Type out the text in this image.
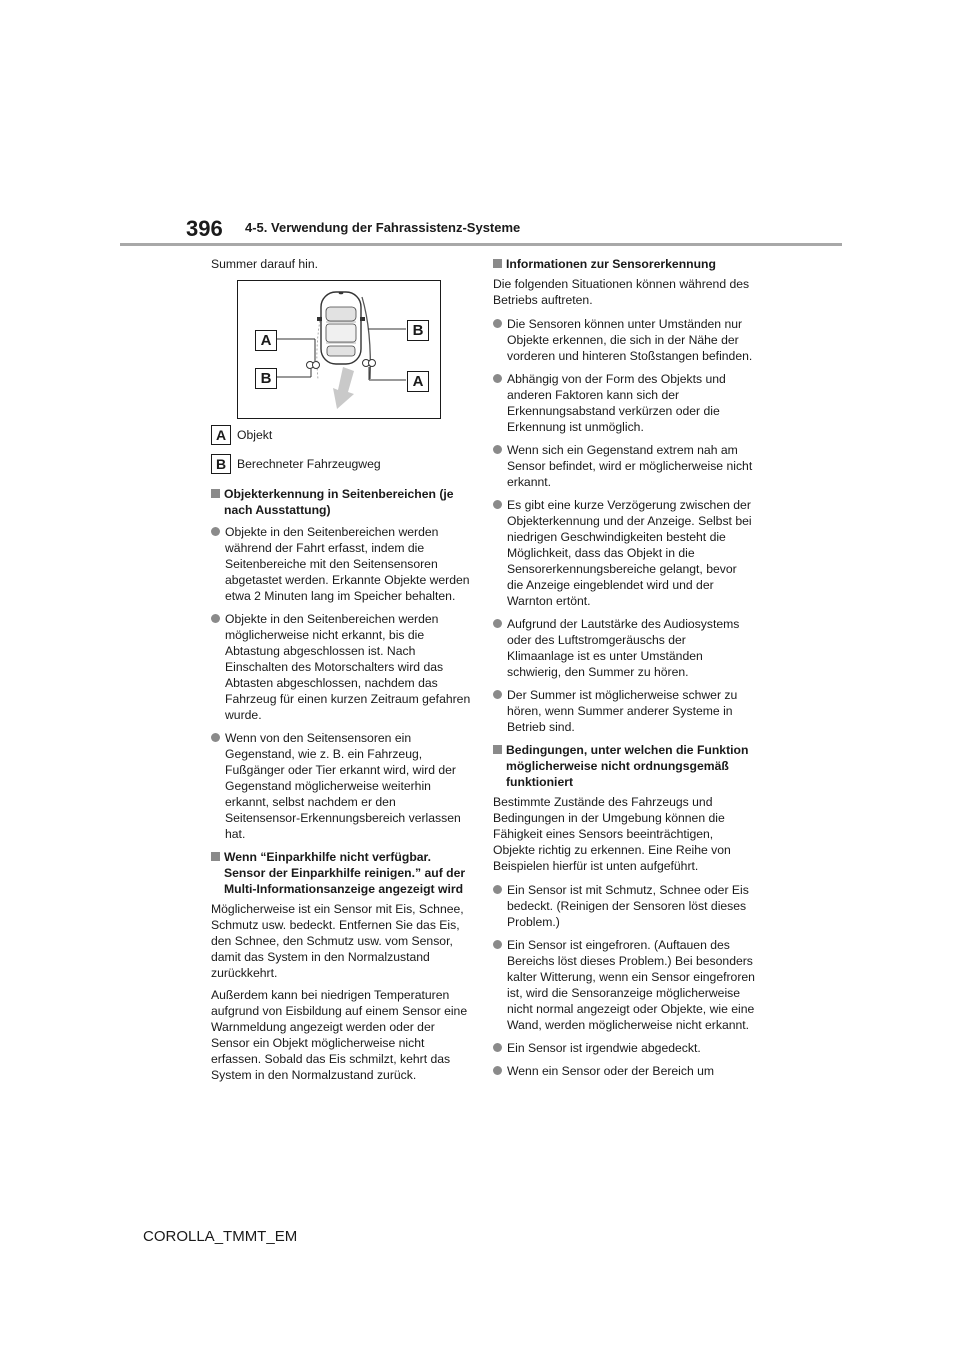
396 4-5. Verwendung der Fahrassistenz-Systeme

Summer darauf hin.

A
B
B	A
A Objekt
B Berechneter Fahrzeugweg
Objekterkennung in Seitenbereichen (je nach Ausstattung)
Objekte in den Seitenbereichen werden während der Fahrt erfasst, indem die Seitenbereiche mit den Seitensensoren abgetastet werden. Erkannte Objekte werden etwa 2 Minuten lang im Speicher behalten.
Objekte in den Seitenbereichen werden möglicherweise nicht erkannt, bis die Abtastung abgeschlossen ist. Nach Einschalten des Motorschalters wird das Abtasten abgeschlossen, nachdem das Fahrzeug für einen kurzen Zeitraum gefahren wurde.
Wenn von den Seitensensoren ein Gegenstand, wie z. B. ein Fahrzeug, Fußgänger oder Tier erkannt wird, wird der Gegenstand möglicherweise weiterhin erkannt, selbst nachdem er den Seitensensor-Erkennungsbereich verlassen hat.
Wenn “Einparkhilfe nicht verfügbar. Sensor der Einparkhilfe reinigen.” auf der Multi-Informationsanzeige angezeigt wird

Möglicherweise ist ein Sensor mit Eis, Schnee, Schmutz usw. bedeckt. Entfernen Sie das Eis, den Schnee, den Schmutz usw. vom Sensor, damit das System in den Normalzustand zurückkehrt.

Außerdem kann bei niedrigen Temperaturen aufgrund von Eisbildung auf einem Sensor eine Warnmeldung angezeigt werden oder der Sensor ein Objekt möglicherweise nicht erfassen. Sobald das Eis schmilzt, kehrt das System in den Normalzustand zurück.

Informationen zur Sensorerkennung

Die folgenden Situationen können während des Betriebs auftreten.

Die Sensoren können unter Umständen nur Objekte erkennen, die sich in der Nähe der vorderen und hinteren Stoßstangen befinden.
Abhängig von der Form des Objekts und anderen Faktoren kann sich der Erkennungsabstand verkürzen oder die Erkennung ist unmöglich.
Wenn sich ein Gegenstand extrem nah am Sensor befindet, wird er möglicherweise nicht erkannt.
Es gibt eine kurze Verzögerung zwischen der Objekterkennung und der Anzeige. Selbst bei niedrigen Geschwindigkeiten besteht die Möglichkeit, dass das Objekt in die Sensorerkennungsbereiche gelangt, bevor die Anzeige eingeblendet wird und der Warnton ertönt.
Aufgrund der Lautstärke des Audiosystems oder des Luftstromgeräuschs der Klimaanlage ist es unter Umständen schwierig, den Summer zu hören.
Der Summer ist möglicherweise schwer zu hören, wenn Summer anderer Systeme in Betrieb sind.
Bedingungen, unter welchen die Funktion möglicherweise nicht ordnungsgemäß funktioniert

Bestimmte Zustände des Fahrzeugs und Bedingungen in der Umgebung können die Fähigkeit eines Sensors beeinträchtigen, Objekte richtig zu erkennen. Eine Reihe von Beispielen hierfür ist unten aufgeführt.

Ein Sensor ist mit Schmutz, Schnee oder Eis bedeckt. (Reinigen der Sensoren löst dieses Problem.)
Ein Sensor ist eingefroren. (Auftauen des Bereichs löst dieses Problem.) Bei besonders kalter Witterung, wenn ein Sensor eingefroren ist, wird die Sensoranzeige möglicherweise nicht normal angezeigt oder Objekte, wie eine Wand, werden möglicherweise nicht erkannt.
Ein Sensor ist irgendwie abgedeckt.
Wenn ein Sensor oder der Bereich um
COROLLA_TMMT_EM
